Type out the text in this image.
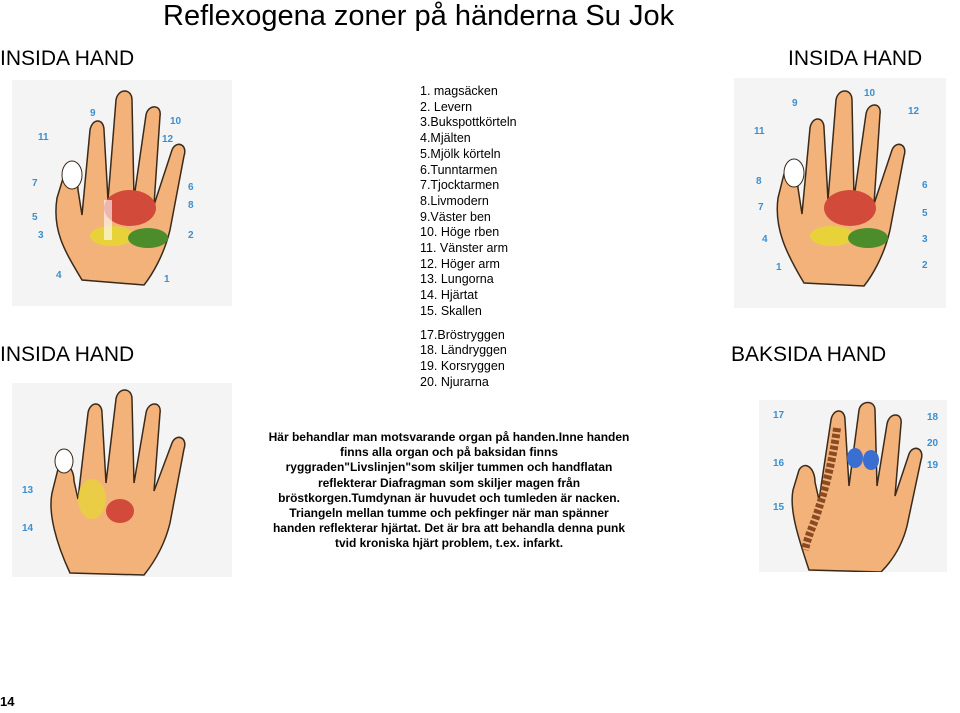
Reflexogena zoner på händerna Su Jok
INSIDA HAND	INSIDA HAND
INSIDA HAND	BAKSIDA HAND
9
10
11	12
7	6
5
8
3	2
4	1
9
10
12
11
6
8
5
7
4	3
1	2
13
14
17	18
20
16	19
15
1. magsäcken
2. Levern
3.Bukspottkörteln
4.Mjälten
5.Mjölk körteln
6.Tunntarmen
7.Tjocktarmen
8.Livmodern
9.Väster ben
10. Höge rben
11. Vänster arm
12. Höger arm
13. Lungorna
14. Hjärtat
15. Skallen
17.Bröstryggen
18. Ländryggen
19. Korsryggen
20. Njurarna
Här behandlar man motsvarande organ på handen.Inne handen finns alla organ och på baksidan finns ryggraden"Livslinjen"som skiljer tummen och handflatan reflekterar Diafragman som skiljer magen från bröstkorgen.Tumdynan är huvudet och tumleden är nacken. Triangeln mellan tumme och pekfinger när man spänner handen reflekterar hjärtat. Det är bra att behandla denna punk tvid kroniska hjärt problem, t.ex. infarkt.
14
